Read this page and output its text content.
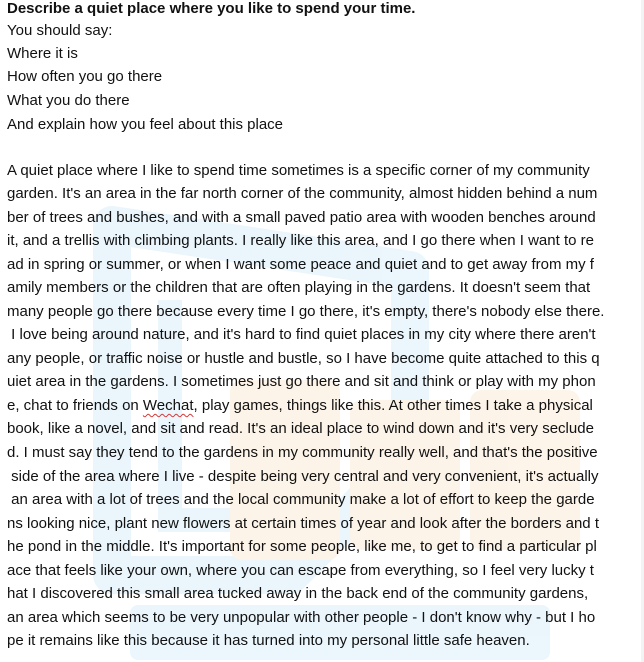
Describe a quiet place where you like to spend your time.
You should say:
Where it is
How often you go there
What you do there
And explain how you feel about this place
A quiet place where I like to spend time sometimes is a specific corner of my community
garden. It's an area in the far north corner of the community, almost hidden behind a num
ber of trees and bushes, and with a small paved patio area with wooden benches around
it, and a trellis with climbing plants. I really like this area, and I go there when I want to re
ad in spring or summer, or when I want some peace and quiet and to get away from my f
amily members or the children that are often playing in the gardens. It doesn't seem that
many people go there because every time I go there, it's empty, there's nobody else there.
I love being around nature, and it's hard to find quiet places in my city where there aren't
any people, or traffic noise or hustle and bustle, so I have become quite attached to this q
uiet area in the gardens. I sometimes just go there and sit and think or play with my phon
e, chat to friends on Wechat, play games, things like this. At other times I take a physical
book, like a novel, and sit and read. It's an ideal place to wind down and it's very seclude
d. I must say they tend to the gardens in my community really well, and that's the positive
side of the area where I live - despite being very central and very convenient, it's actually
an area with a lot of trees and the local community make a lot of effort to keep the garde
ns looking nice, plant new flowers at certain times of year and look after the borders and t
he pond in the middle. It's important for some people, like me, to get to find a particular pl
ace that feels like your own, where you can escape from everything, so I feel very lucky t
hat I discovered this small area tucked away in the back end of the community gardens,
an area which seems to be very unpopular with other people - I don't know why - but I ho
pe it remains like this because it has turned into my personal little safe heaven.
